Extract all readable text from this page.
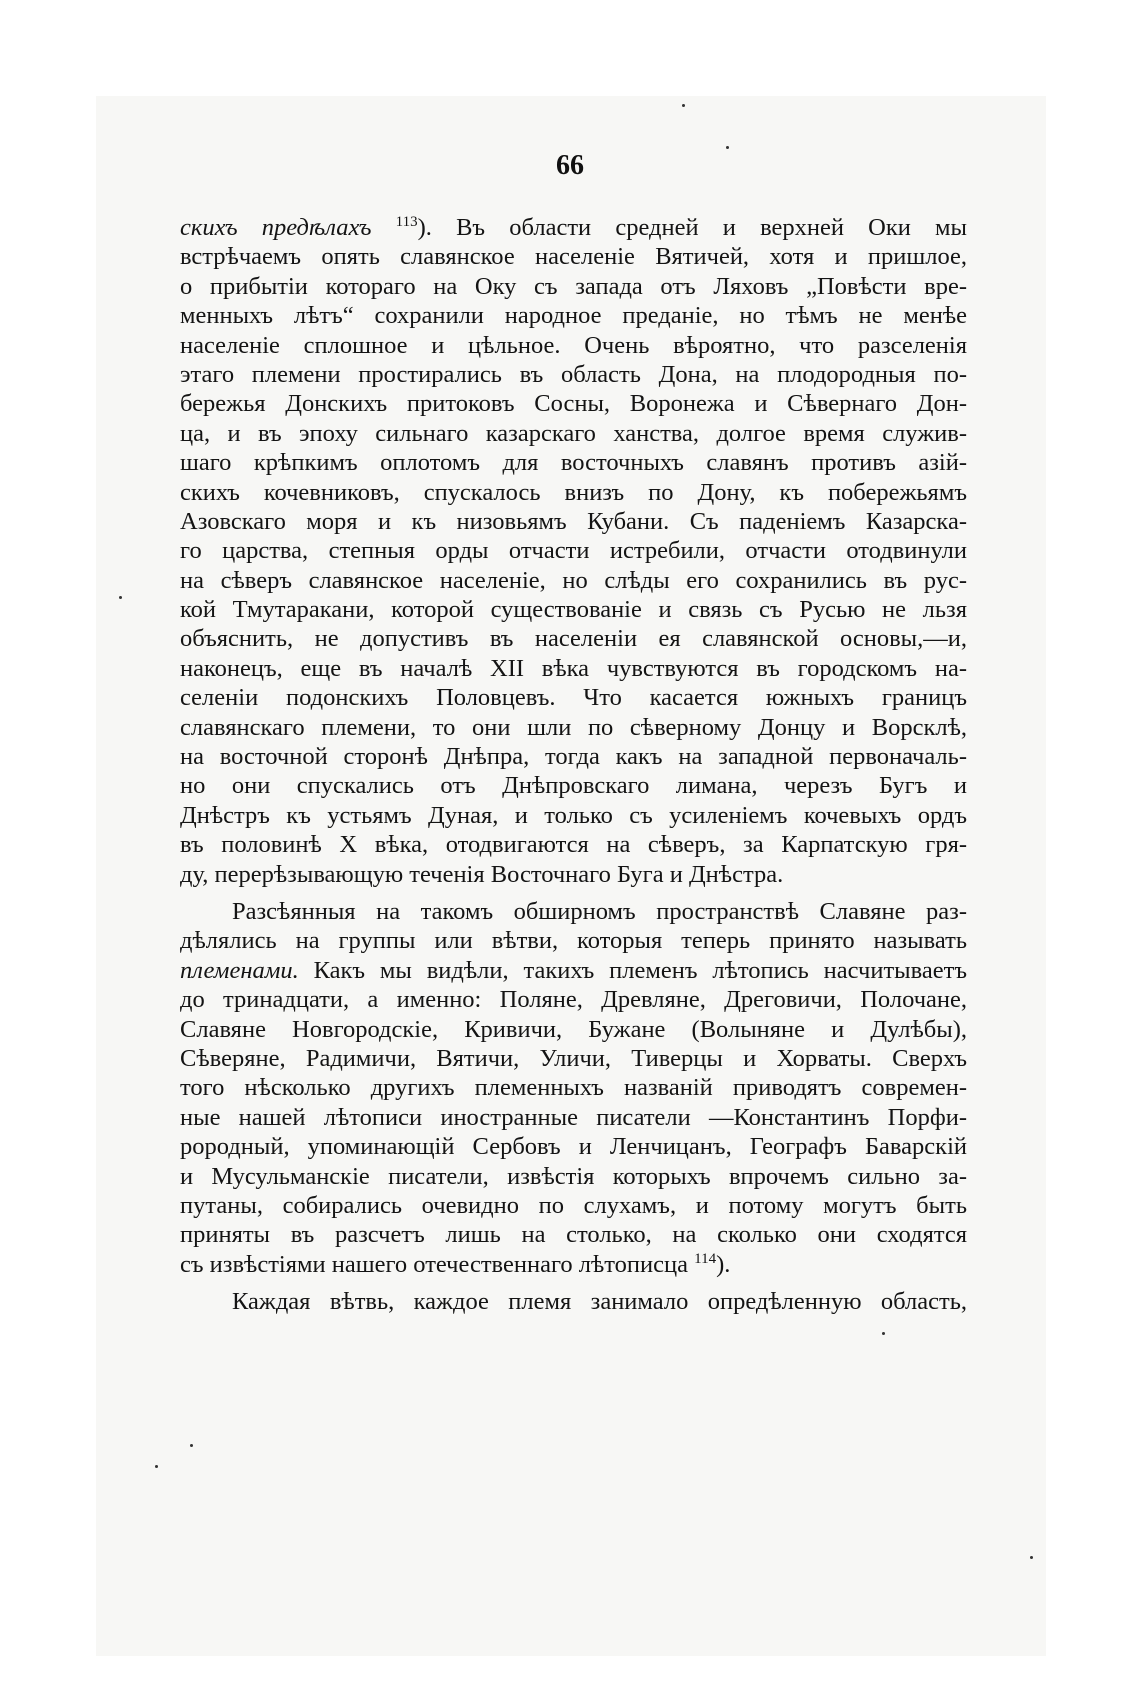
66
скихъ предѣлахъ $^{113}$). Въ области средней и верхней Оки мы
встрѣчаемъ опять славянское населеніе Вятичей, хотя и пришлое,
о прибытіи котораго на Оку съ запада отъ Ляховъ „Повѣсти вре-
менныхъ лѣтъ“ сохранили народное преданіе, но тѣмъ не менѣе
населеніе сплошное и цѣльное. Очень вѣроятно, что разселенія
этаго племени простирались въ область Дона, на плодородныя по-
бережья Донскихъ притоковъ Сосны, Воронежа и Сѣвернаго Дон-
ца, и въ эпоху сильнаго казарскаго ханства, долгое время служив-
шаго крѣпкимъ оплотомъ для восточныхъ славянъ противъ азій-
скихъ кочевниковъ, спускалось внизъ по Дону, къ побережьямъ
Азовскаго моря и къ низовьямъ Кубани. Съ паденіемъ Казарска-
го царства, степныя орды отчасти истребили, отчасти отодвинули
на сѣверъ славянское населеніе, но слѣды его сохранились въ рус-
кой Тмутаракани, которой существованіе и связь съ Русью не льзя
объяснить, не допустивъ въ населеніи ея славянской основы,—и,
наконецъ, еще въ началѣ XII вѣка чувствуются въ городскомъ на-
селеніи подонскихъ Половцевъ. Что касается южныхъ границъ
славянскаго племени, то они шли по сѣверному Донцу и Ворсклѣ,
на восточной сторонѣ Днѣпра, тогда какъ на западной первоначаль-
но они спускались отъ Днѣпровскаго лимана, черезъ Бугъ и
Днѣстръ къ устьямъ Дуная, и только съ усиленіемъ кочевыхъ ордъ
въ половинѣ X вѣка, отодвигаются на сѣверъ, за Карпатскую гря-
ду, перерѣзывающую теченія Восточнаго Буга и Днѣстра.
Разсѣянныя на такомъ обширномъ пространствѣ Славяне раз-
дѣлялись на группы или вѣтви, которыя теперь принято называть
племенами. Какъ мы видѣли, такихъ племенъ лѣтопись насчитываетъ
до тринадцати, а именно: Поляне, Древляне, Дреговичи, Полочане,
Славяне Новгородскіе, Кривичи, Бужане (Волыняне и Дулѣбы),
Сѣверяне, Радимичи, Вятичи, Уличи, Тиверцы и Хорваты. Сверхъ
того нѣсколько другихъ племенныхъ названій приводятъ современ-
ные нашей лѣтописи иностранные писатели —Константинъ Порфи-
рородный, упоминающій Сербовъ и Ленчицанъ, Географъ Баварскій
и Мусульманскіе писатели, извѣстія которыхъ впрочемъ сильно за-
путаны, собирались очевидно по слухамъ, и потому могутъ быть
приняты въ разсчетъ лишь на столько, на сколько они сходятся
съ извѣстіями нашего отечественнаго лѣтописца $^{114}$).
Каждая вѣтвь, каждое племя занимало опредѣленную область,
